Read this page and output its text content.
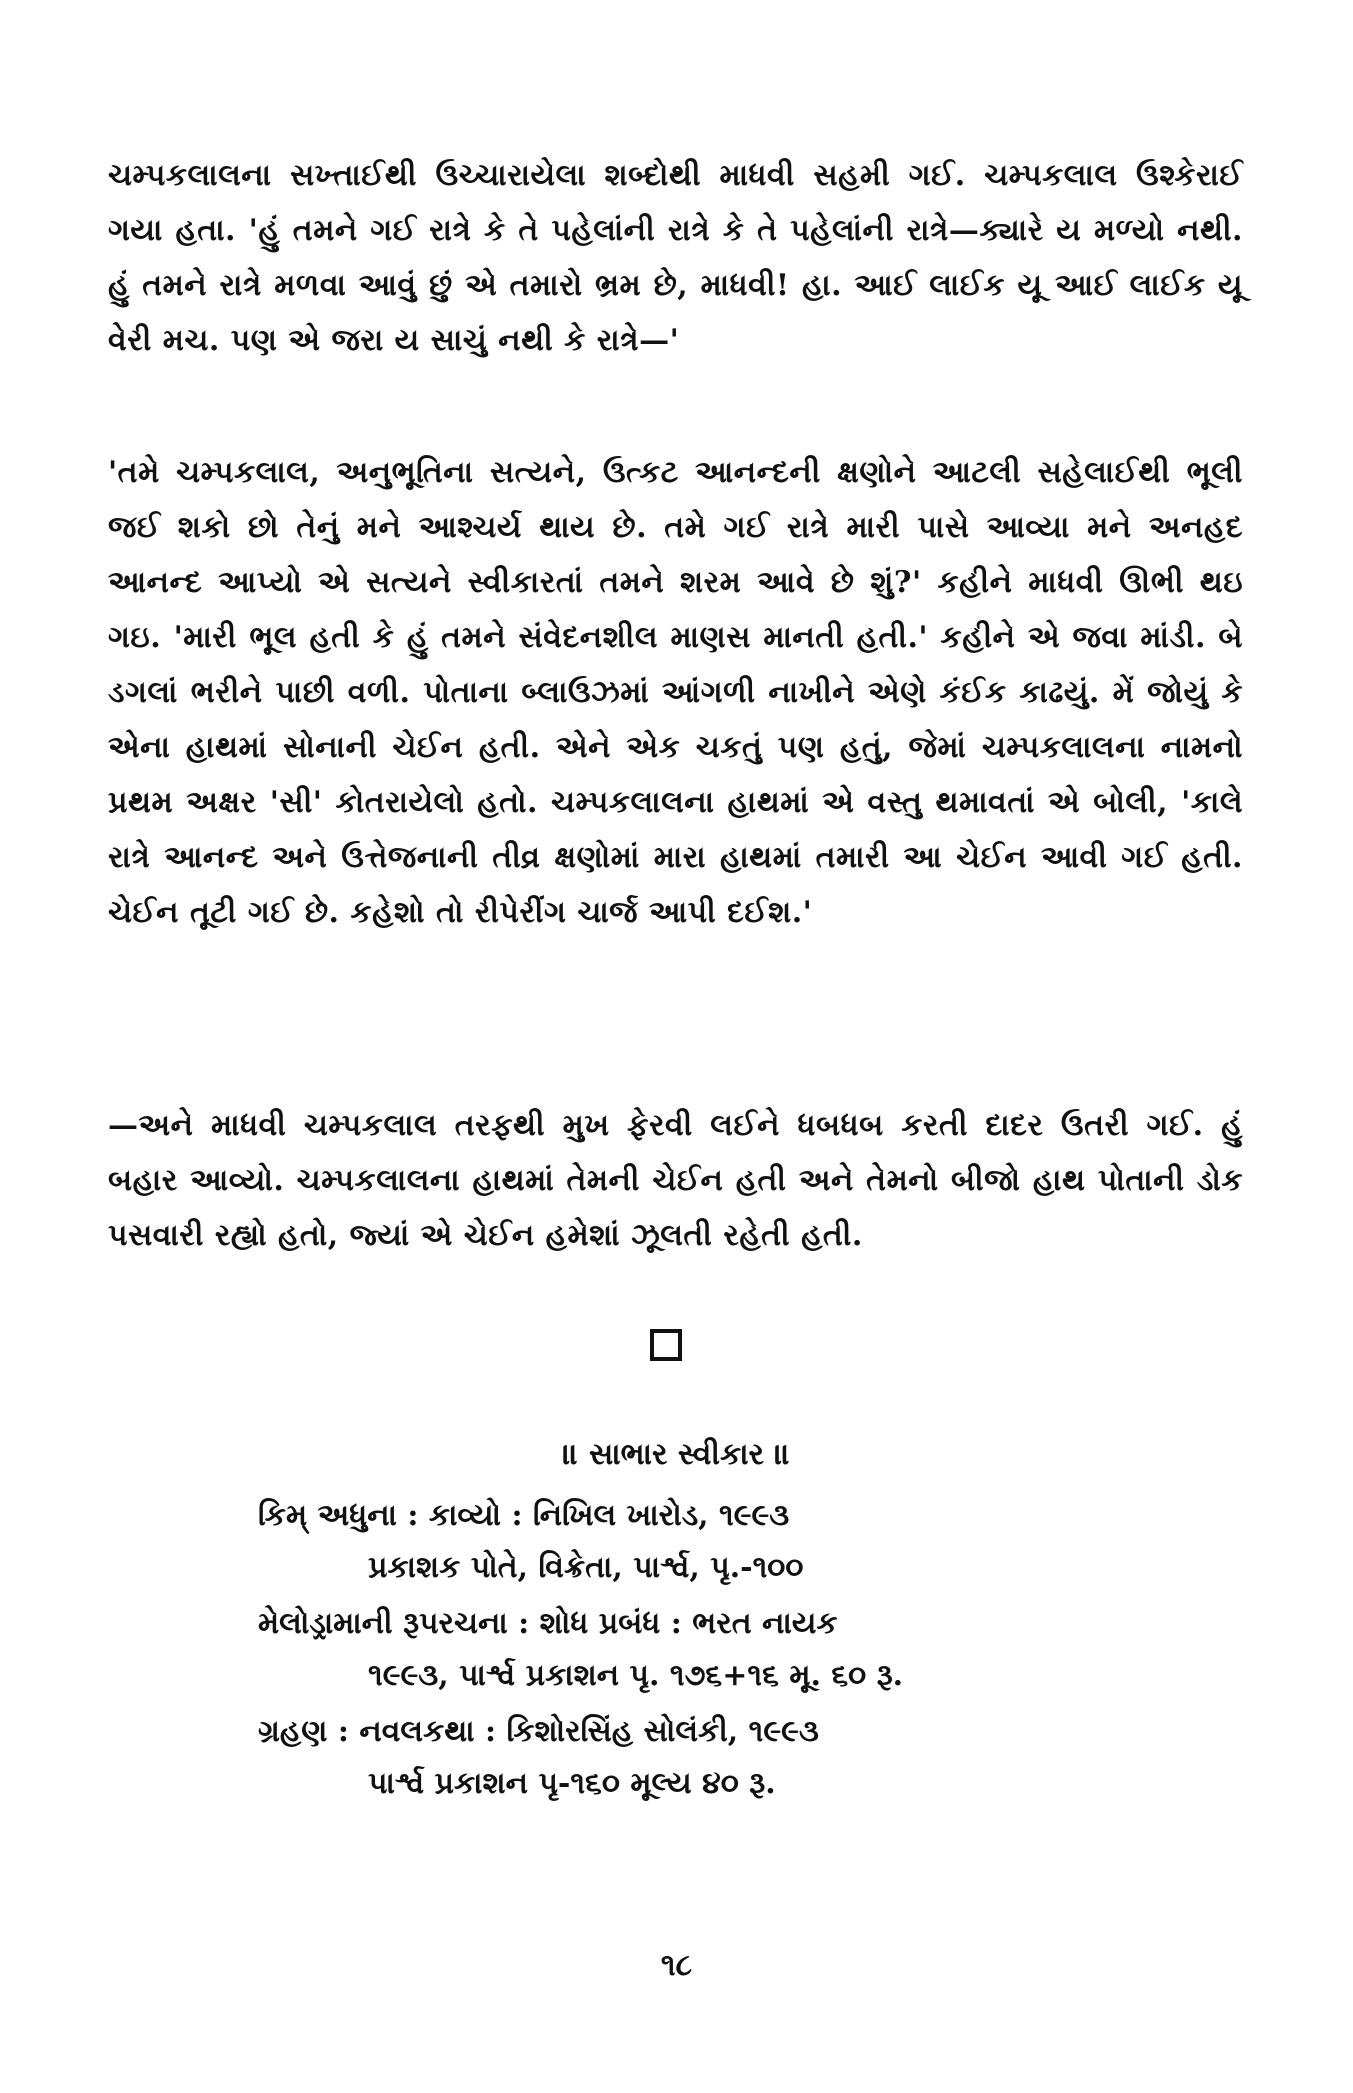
ચમ્પકલાલના સખ્તાઈથી ઉચ્ચારાયેલા શબ્દોથી માધવી સહમી ગઈ. ચમ્પકલાલ ઉશ્કેરાઈ ગયા હતા. 'હું તમને ગઈ રાત્રે કે તે પહેલાંની રાત્રે કે તે પહેલાંની રાત્રે—ક્યારે ય મળ્યો નથી. હું તમને રાત્રે મળવા આવું છું એ તમારો ભ્રમ છે, માધવી! હા. આઈ લાઈક યૂ આઈ લાઈક યૂ વેરી મચ. પણ એ જરા ય સાચું નથી કે રાત્રે—'

'તમે ચમ્પકલાલ, અનુભૂતિના સત્યને, ઉત્કટ આનન્દની ક્ષણોને આટલી સહેલાઈથી ભૂલી જઈ શકો છો તેનું મને આશ્ચર્ય થાય છે. તમે ગઈ રાત્રે મારી પાસે આવ્યા મને અનહદ આનન્દ આપ્યો એ સત્યને સ્વીકારતાં તમને શરમ આવે છે શું?' કહીને માધવી ઊભી થઇ ગઇ. 'મારી ભૂલ હતી કે હું તમને સંવેદનશીલ માણસ માનતી હતી.' કહીને એ જવા માંડી. બે ડગલાં ભરીને પાછી વળી. પોતાના બ્લાઉઝમાં આંગળી નાખીને એણે કંઈક કાઢયું. મેં જોયું કે એના હાથમાં સોનાની ચેઈન હતી. એને એક ચકતું પણ હતું, જેમાં ચમ્પકલાલના નામનો પ્રથમ અક્ષર 'સી' કોતરાયેલો હતો. ચમ્પકલાલના હાથમાં એ વસ્તુ થમાવતાં એ બોલી, 'કાલે રાત્રે આનન્દ અને ઉત્તેજનાની તીવ્ર ક્ષણોમાં મારા હાથમાં તમારી આ ચેઈન આવી ગઈ હતી. ચેઈન તૂટી ગઈ છે. કહેશો તો રીપેરીંગ ચાર્જ આપી દઈશ.'

—અને માધવી ચમ્પકલાલ તરફથી મુખ ફેરવી લઈને ધબધબ કરતી દાદર ઉતરી ગઈ. હું બહાર આવ્યો. ચમ્પકલાલના હાથમાં તેમની ચેઈન હતી અને તેમનો બીજો હાથ પોતાની ડોક પસવારી રહ્યો હતો, જ્યાં એ ચેઈન હમેશાં ઝૂલતી રહેતી હતી.

॥ સાભાર સ્વીકાર ॥

કિમ્ અધુના : કાવ્યો : નિખિલ ખારોડ, ૧૯૯૩
પ્રકાશક પોતે, વિક્રેતા, પાર્શ્વ, પૃ.-૧૦૦
મેલોડ્રામાની રૂપરચના : શોધ પ્રબંધ : ભરત નાયક
૧૯૯૩, પાર્શ્વ પ્રકાશન પૃ. ૧૭૬+૧૬ મૂ. ૬૦ રૂ.
ગ્રહણ : નવલકથા : કિશોરસિંહ સોલંકી, ૧૯૯૩
પાર્શ્વ પ્રકાશન પૃ-૧૬૦ મૂલ્ય ૪૦ રૂ.

૧૮
